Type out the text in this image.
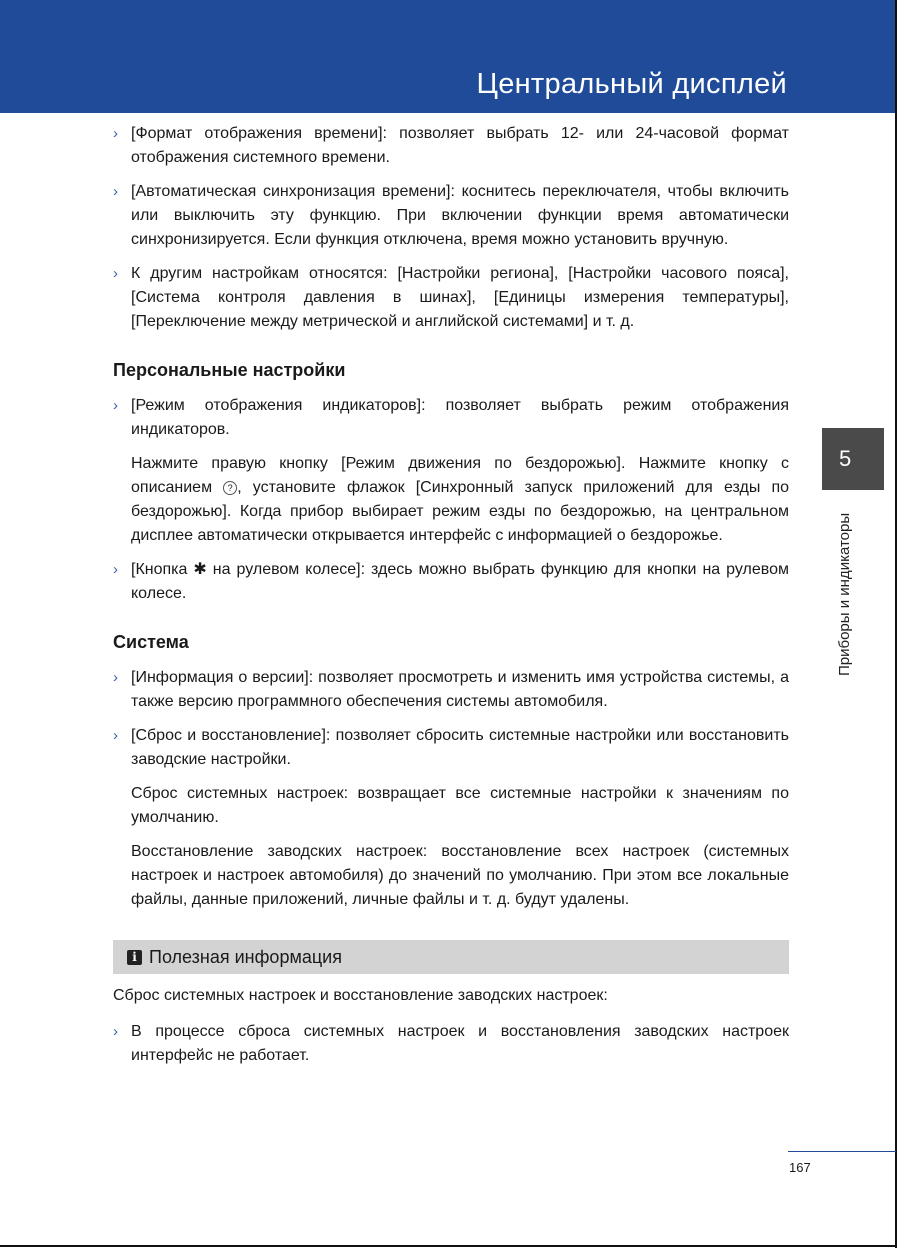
Центральный дисплей
5
Приборы и индикаторы
› [Формат отображения времени]: позволяет выбрать 12- или 24-часовой формат отображения системного времени.
› [Автоматическая синхронизация времени]: коснитесь переключателя, чтобы включить или выключить эту функцию. При включении функции время автоматически синхронизируется. Если функция отключена, время можно установить вручную.
› К другим настройкам относятся: [Настройки региона], [Настройки часового пояса], [Система контроля давления в шинах], [Единицы измерения температуры], [Переключение между метрической и английской системами] и т. д.
Персональные настройки
› [Режим отображения индикаторов]: позволяет выбрать режим отображения индикаторов.
Нажмите правую кнопку [Режим движения по бездорожью]. Нажмите кнопку с описанием ? , установите флажок [Синхронный запуск приложений для езды по бездорожью]. Когда прибор выбирает режим езды по бездорожью, на центральном дисплее автоматически открывается интерфейс с информацией о бездорожье.
› [Кнопка ✱ на рулевом колесе]: здесь можно выбрать функцию для кнопки на рулевом колесе.
Система
› [Информация о версии]: позволяет просмотреть и изменить имя устройства системы, а также версию программного обеспечения системы автомобиля.
› [Сброс и восстановление]: позволяет сбросить системные настройки или восстановить заводские настройки.
Сброс системных настроек: возвращает все системные настройки к значениям по умолчанию.
Восстановление заводских настроек: восстановление всех настроек (системных настроек и настроек автомобиля) до значений по умолчанию. При этом все локальные файлы, данные приложений, личные файлы и т. д. будут удалены.
i Полезная информация
Сброс системных настроек и восстановление заводских настроек:
› В процессе сброса системных настроек и восстановления заводских настроек интерфейс не работает.
167
